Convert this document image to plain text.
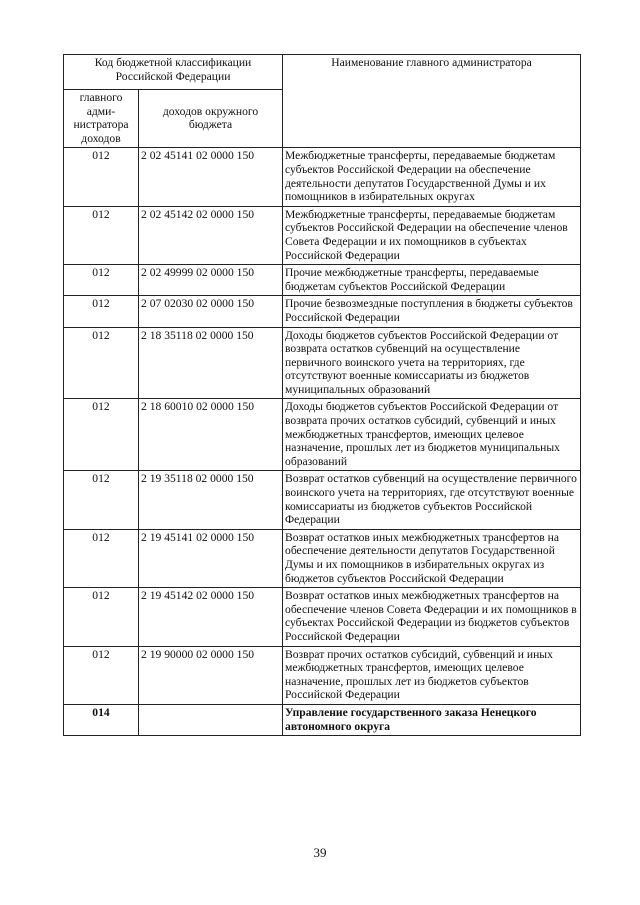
Код бюджетной классификации Российской Федерации		Наименование главного администратора
главного адми-нистратора доходов	доходов окружного бюджета	
012	2 02 45141 02 0000 150	Межбюджетные трансферты, передаваемые бюджетам субъектов Российской Федерации на обеспечение деятельности депутатов Государственной Думы и их помощников в избирательных округах
012	2 02 45142 02 0000 150	Межбюджетные трансферты, передаваемые бюджетам субъектов Российской Федерации на обеспечение членов Совета Федерации и их помощников в субъектах Российской Федерации
012	2 02 49999 02 0000 150	Прочие межбюджетные трансферты, передаваемые бюджетам субъектов Российской Федерации
012	2 07 02030 02 0000 150	Прочие безвозмездные поступления в бюджеты субъектов Российской Федерации
012	2 18 35118 02 0000 150	Доходы бюджетов субъектов Российской Федерации от возврата остатков субвенций на осуществление первичного воинского учета на территориях, где отсутствуют военные комиссариаты из бюджетов муниципальных образований
012	2 18 60010 02 0000 150	Доходы бюджетов субъектов Российской Федерации от возврата прочих остатков субсидий, субвенций и иных межбюджетных трансфертов, имеющих целевое назначение, прошлых лет из бюджетов муниципальных образований
012	2 19 35118 02 0000 150	Возврат остатков субвенций на осуществление первичного воинского учета на территориях, где отсутствуют военные комиссариаты из бюджетов субъектов Российской Федерации
012	2 19 45141 02 0000 150	Возврат остатков иных межбюджетных трансфертов на обеспечение деятельности депутатов Государственной Думы и их помощников в избирательных округах из бюджетов субъектов Российской Федерации
012	2 19 45142 02 0000 150	Возврат остатков иных межбюджетных трансфертов на обеспечение членов Совета Федерации и их помощников в субъектах Российской Федерации из бюджетов субъектов Российской Федерации
012	2 19 90000 02 0000 150	Возврат прочих остатков субсидий, субвенций и иных межбюджетных трансфертов, имеющих целевое назначение, прошлых лет из бюджетов субъектов Российской Федерации
014		Управление государственного заказа Ненецкого автономного округа
39
